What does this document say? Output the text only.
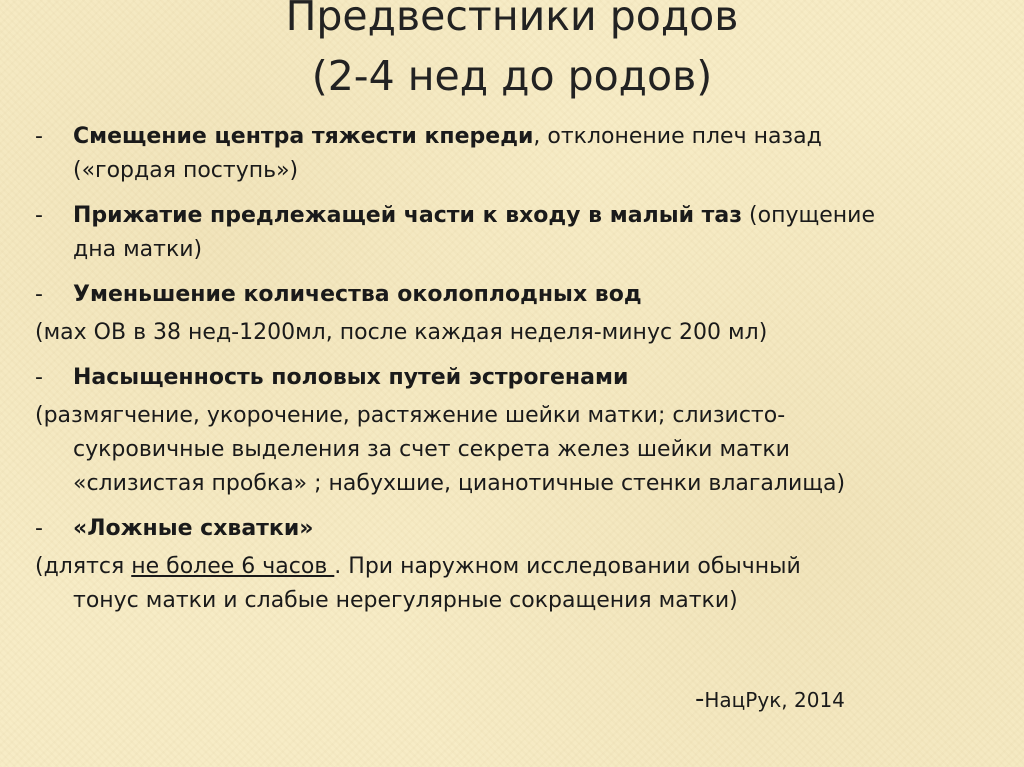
Предвестники родов
(2-4 нед до родов)
- Смещение центра тяжести кпереди, отклонение плеч назад
(«гордая поступь»)
- Прижатие предлежащей части к входу в малый таз (опущение
дна матки)
- Уменьшение количества околоплодных вод
(мах ОВ в 38 нед-1200мл, после каждая неделя-минус 200 мл)
- Насыщенность половых путей эстрогенами
(размягчение, укорочение, растяжение шейки матки; слизисто-
сукровичные выделения за счет секрета желез шейки матки
«слизистая пробка» ; набухшие, цианотичные стенки влагалища)
- «Ложные схватки»
(длятся не более 6 часов . При наружном исследовании обычный
тонус матки и слабые нерегулярные сокращения матки)
-НацРук, 2014
